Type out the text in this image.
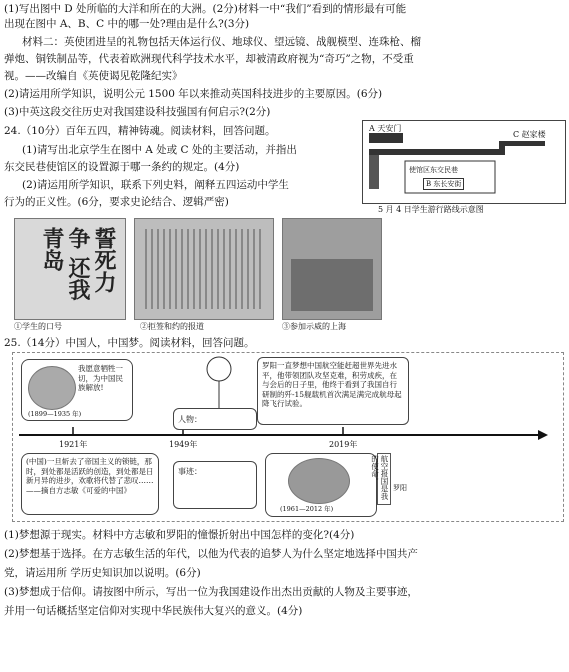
(1)写出图中 D 处所临的大洋和所在的大洲。(2分)材料一中“我们”看到的情形最有可能
出现在图中 A、B、C 中的哪一处?理由是什么?(3分)
材料二：英使团进呈的礼物包括天体运行仪、地球仪、望远镜、战舰模型、连珠枪、榴
弹炮、铜铁制品等，代表着欧洲现代科学技术水平，却被清政府视为“奇巧”之物，不受重
视。——改编自《英使谒见乾隆纪实》
(2)请运用所学知识，说明公元 1500 年以来推动英国科技进步的主要原因。(6分)
(3)中英这段交往历史对我国建设科技强国有何启示?(2分)
24.（10分）百年五四，精神铸魂。阅读材料，回答问题。
(1)请写出北京学生在图中 A 处或 C 处的主要活动，并指出
东交民巷使馆区的设置源于哪一条约的规定。(4分)
(2)请运用所学知识，联系下列史料，阐释五四运动中学生
行为的正义性。(6分，要求史论结合、逻辑严密)
A 天安门
C 赵家楼
使馆区东交民巷
B 东长安街
5 月 4 日学生游行路线示意图
誓死力争 还我青岛
①学生的口号	②拒签和约的报道	③参加示威的上海
25.（14分）中国人，中国梦。阅读材料，回答问题。
我愿意牺牲一切，为中国民族解放!
(1899—1935 年)
人物：
罗阳一直梦想中国航空能赶超世界先进水平，他带领团队攻坚克难，积劳成疾，在与会后的日子里，他终于看到了我国自行研制的歼-15舰载机首次满足满完成航母起降飞行试验。
1921年	1949年	2019年
(中国)一旦斩去了帝国主义的锁链，那时，到处都是活跃的创造，到处都是日新月异的进步，欢歌将代替了悲叹……——摘自方志敏《可爱的中国》
事迹：
(1961—2012 年)
航空报国是我的使命。
罗阳
(1)梦想源于现实。材料中方志敏和罗阳的憧憬折射出中国怎样的变化?(4分)
(2)梦想基于选择。在方志敏生活的年代，以他为代表的追梦人为什么坚定地选择中国共产
党，请运用所 学历史知识加以说明。(6分)
(3)梦想成于信仰。请按图中所示，写出一位为我国建设作出杰出贡献的人物及主要事迹，
并用一句话概括坚定信仰对实现中华民族伟大复兴的意义。(4分)
